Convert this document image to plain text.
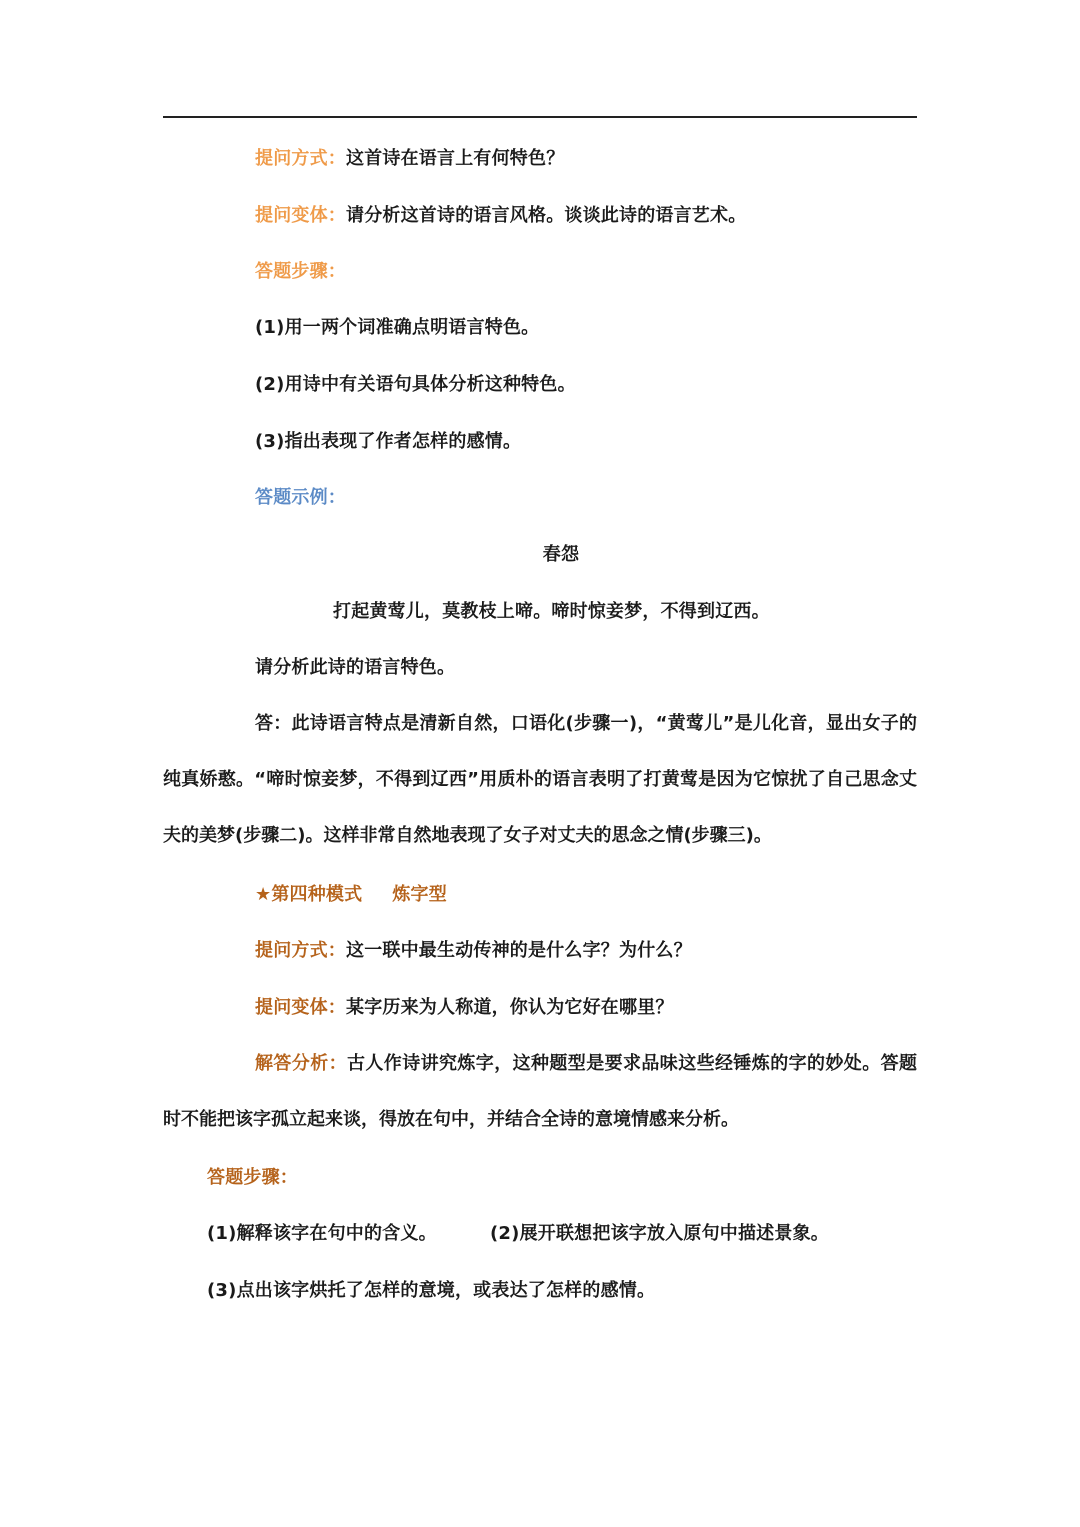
提问方式：这首诗在语言上有何特色？
提问变体：请分析这首诗的语言风格。谈谈此诗的语言艺术。
答题步骤：
(1)用一两个词准确点明语言特色。
(2)用诗中有关语句具体分析这种特色。
(3)指出表现了作者怎样的感情。
答题示例：
春怨
打起黄莺儿，莫教枝上啼。啼时惊妾梦，不得到辽西。
请分析此诗的语言特色。
答：此诗语言特点是清新自然，口语化(步骤一)，“黄莺儿”是儿化音，显出女子的纯真娇憨。“啼时惊妾梦，不得到辽西”用质朴的语言表明了打黄莺是因为它惊扰了自己思念丈夫的美梦(步骤二)。这样非常自然地表现了女子对丈夫的思念之情(步骤三)。
★第四种模式 炼字型
提问方式：这一联中最生动传神的是什么字？为什么？
提问变体：某字历来为人称道，你认为它好在哪里？
解答分析：古人作诗讲究炼字，这种题型是要求品味这些经锤炼的字的妙处。答题时不能把该字孤立起来谈，得放在句中，并结合全诗的意境情感来分析。
答题步骤：
(1)解释该字在句中的含义。	(2)展开联想把该字放入原句中描述景象。
(3)点出该字烘托了怎样的意境，或表达了怎样的感情。
